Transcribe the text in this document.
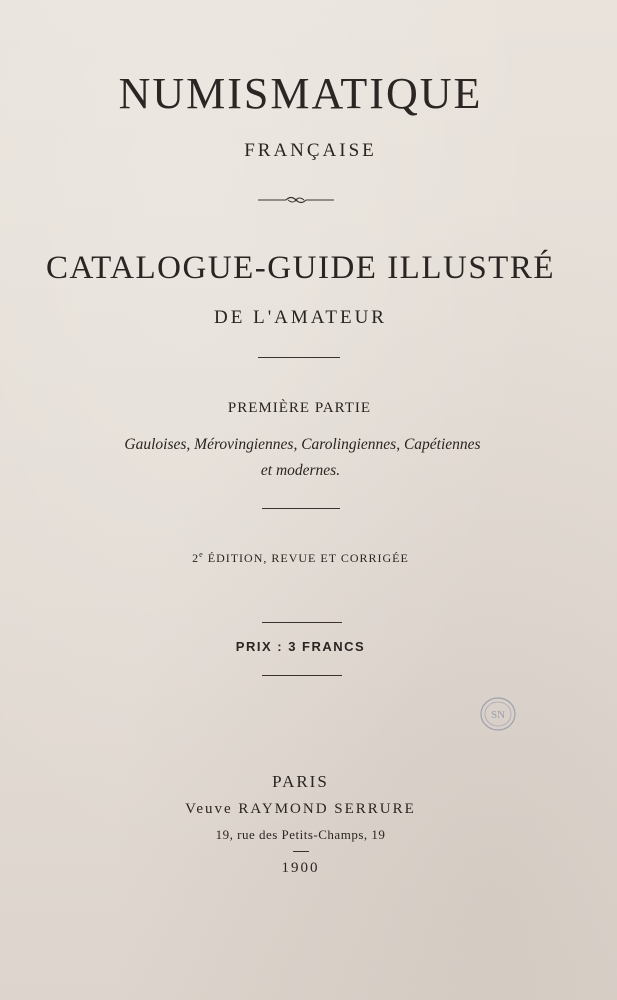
NUMISMATIQUE
FRANÇAISE
CATALOGUE-GUIDE ILLUSTRÉ
DE L'AMATEUR
PREMIÈRE PARTIE
Gauloises, Mérovingiennes, Carolingiennes, Capétiennes
et modernes.
2e ÉDITION, REVUE ET CORRIGÉE
PRIX : 3 FRANCS
SN
PARIS
Veuve RAYMOND SERRURE
19, rue des Petits-Champs, 19
1900
